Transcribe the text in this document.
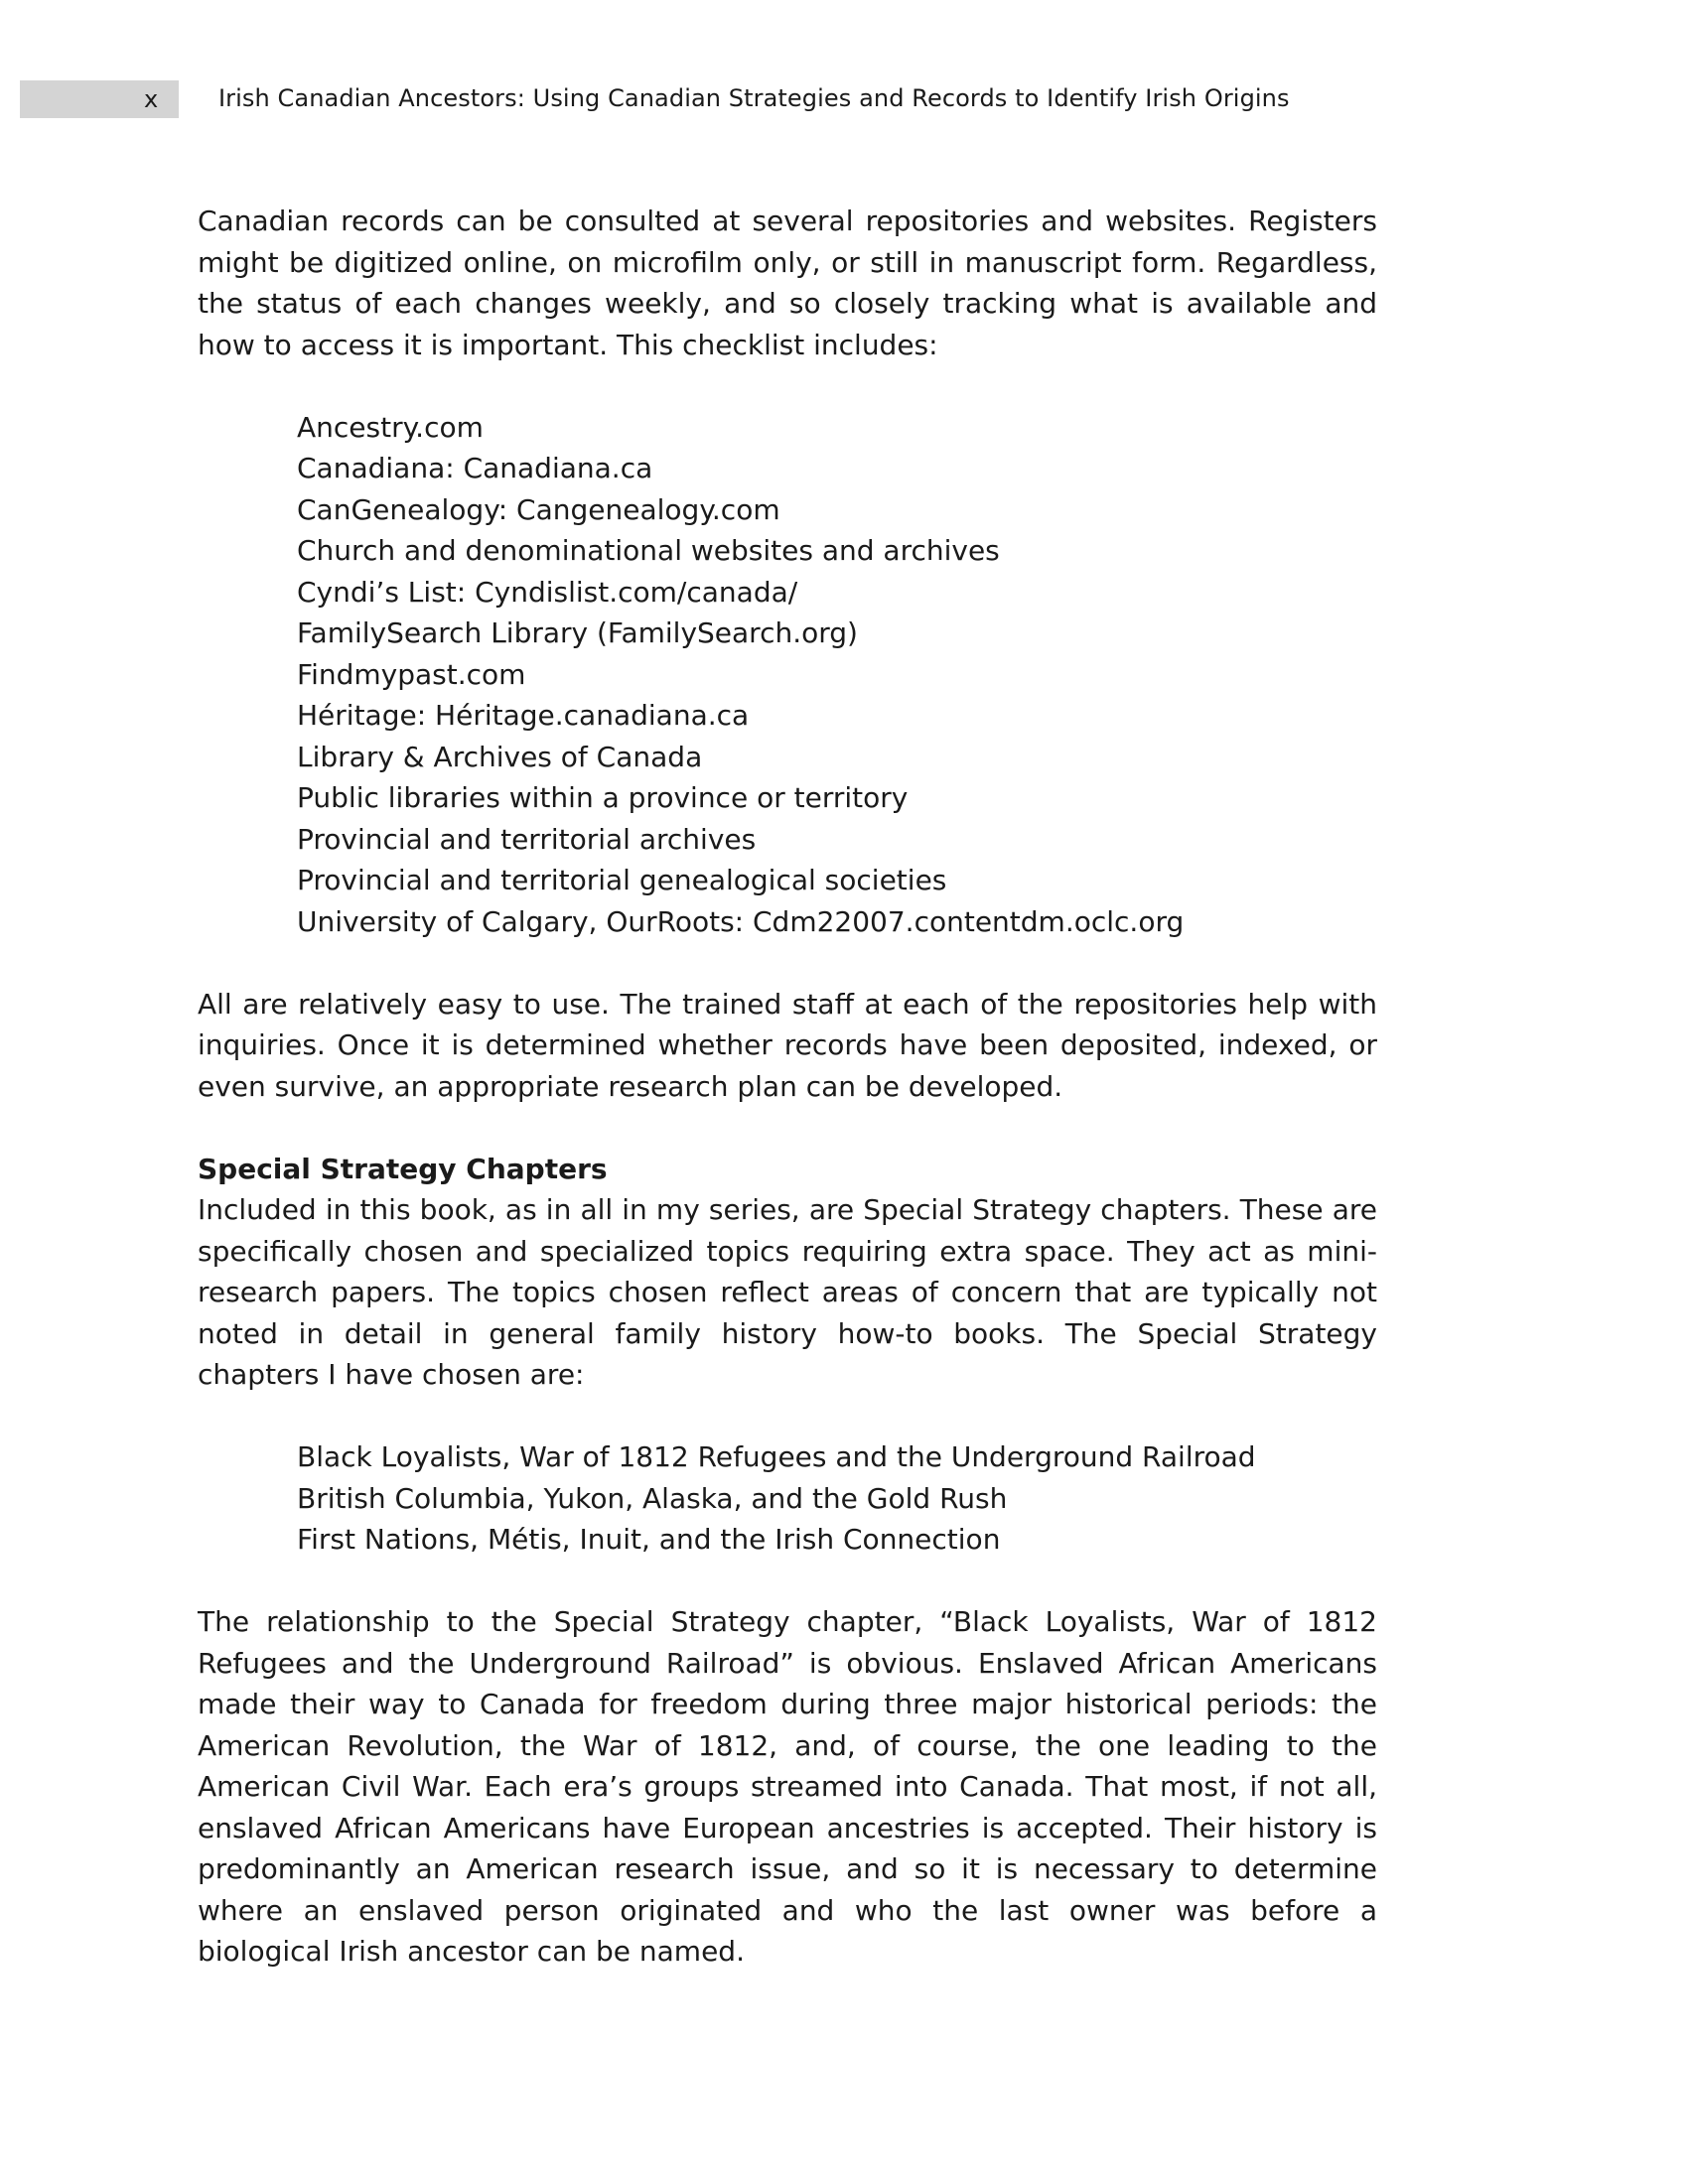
x	Irish Canadian Ancestors: Using Canadian Strategies and Records to Identify Irish Origins

Canadian records can be consulted at several repositories and websites. Registers might be digitized online, on microfilm only, or still in manuscript form. Regardless, the status of each changes weekly, and so closely tracking what is available and how to access it is important. This checklist includes:

Ancestry.com
Canadiana: Canadiana.ca
CanGenealogy: Cangenealogy.com
Church and denominational websites and archives
Cyndi’s List: Cyndislist.com/canada/
FamilySearch Library (FamilySearch.org)
Findmypast.com
Héritage: Héritage.canadiana.ca
Library & Archives of Canada
Public libraries within a province or territory
Provincial and territorial archives
Provincial and territorial genealogical societies
University of Calgary, OurRoots: Cdm22007.contentdm.oclc.org

All are relatively easy to use. The trained staff at each of the repositories help with inquiries. Once it is determined whether records have been deposited, indexed, or even survive, an appropriate research plan can be developed.

Special Strategy Chapters

Included in this book, as in all in my series, are Special Strategy chapters. These are specifically chosen and specialized topics requiring extra space. They act as mini-research papers. The topics chosen reflect areas of concern that are typically not noted in detail in general family history how-to books. The Special Strategy chapters I have chosen are:

Black Loyalists, War of 1812 Refugees and the Underground Railroad
British Columbia, Yukon, Alaska, and the Gold Rush
First Nations, Métis, Inuit, and the Irish Connection

The relationship to the Special Strategy chapter, “Black Loyalists, War of 1812 Refugees and the Underground Railroad” is obvious. Enslaved African Americans made their way to Canada for freedom during three major historical periods: the American Revolution, the War of 1812, and, of course, the one leading to the American Civil War. Each era’s groups streamed into Canada. That most, if not all, enslaved African Americans have European ancestries is accepted. Their history is predominantly an American research issue, and so it is necessary to determine where an enslaved person originated and who the last owner was before a biological Irish ancestor can be named.
